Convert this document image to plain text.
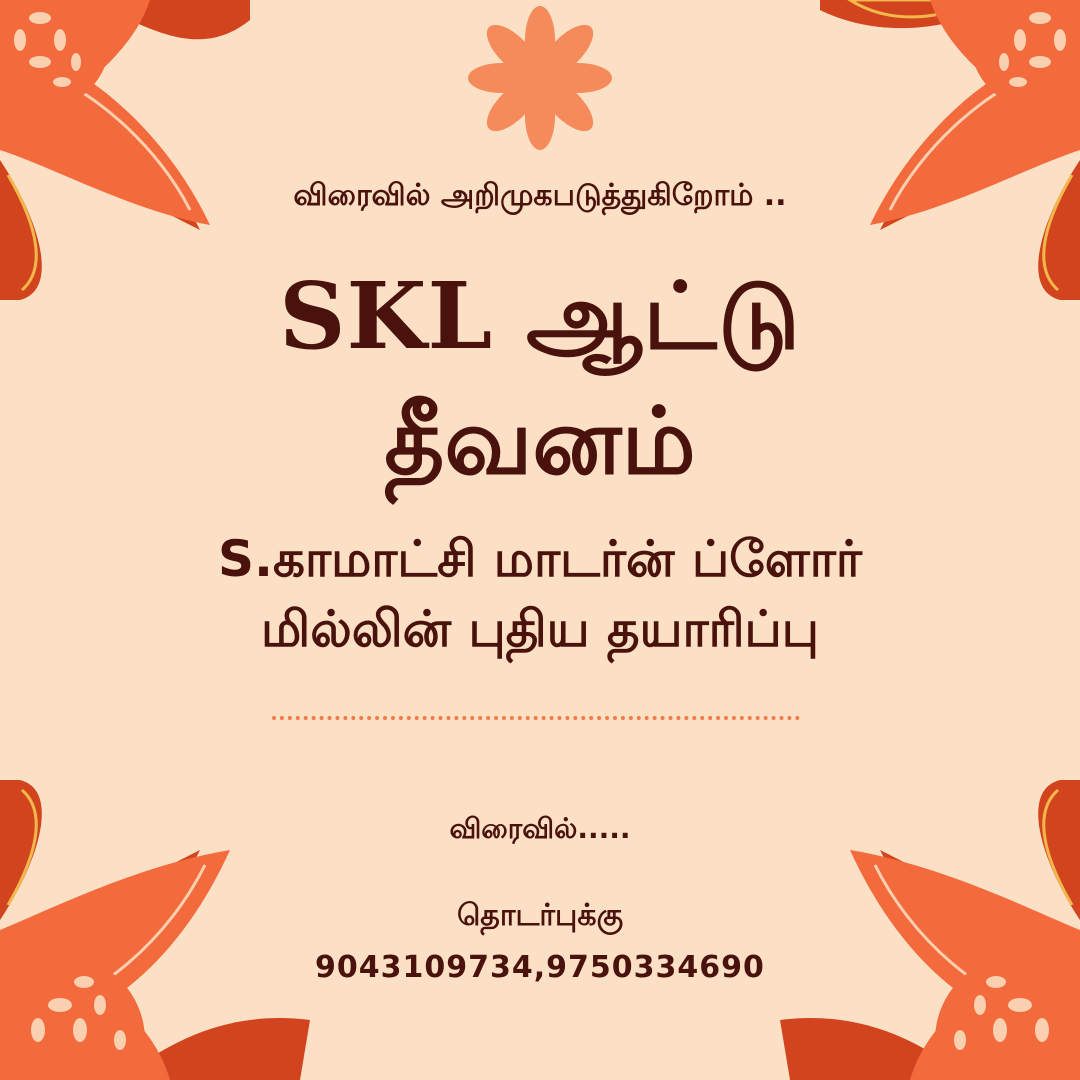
விரைவில் அறிமுகபடுத்துகிறோம் ..

SKL ஆட்டு
தீவனம்

S.காமாட்சி மாடர்ன் ப்ளோர்

மில்லின் புதிய தயாரிப்பு

விரைவில்.....

தொடர்புக்கு

9043109734,9750334690
